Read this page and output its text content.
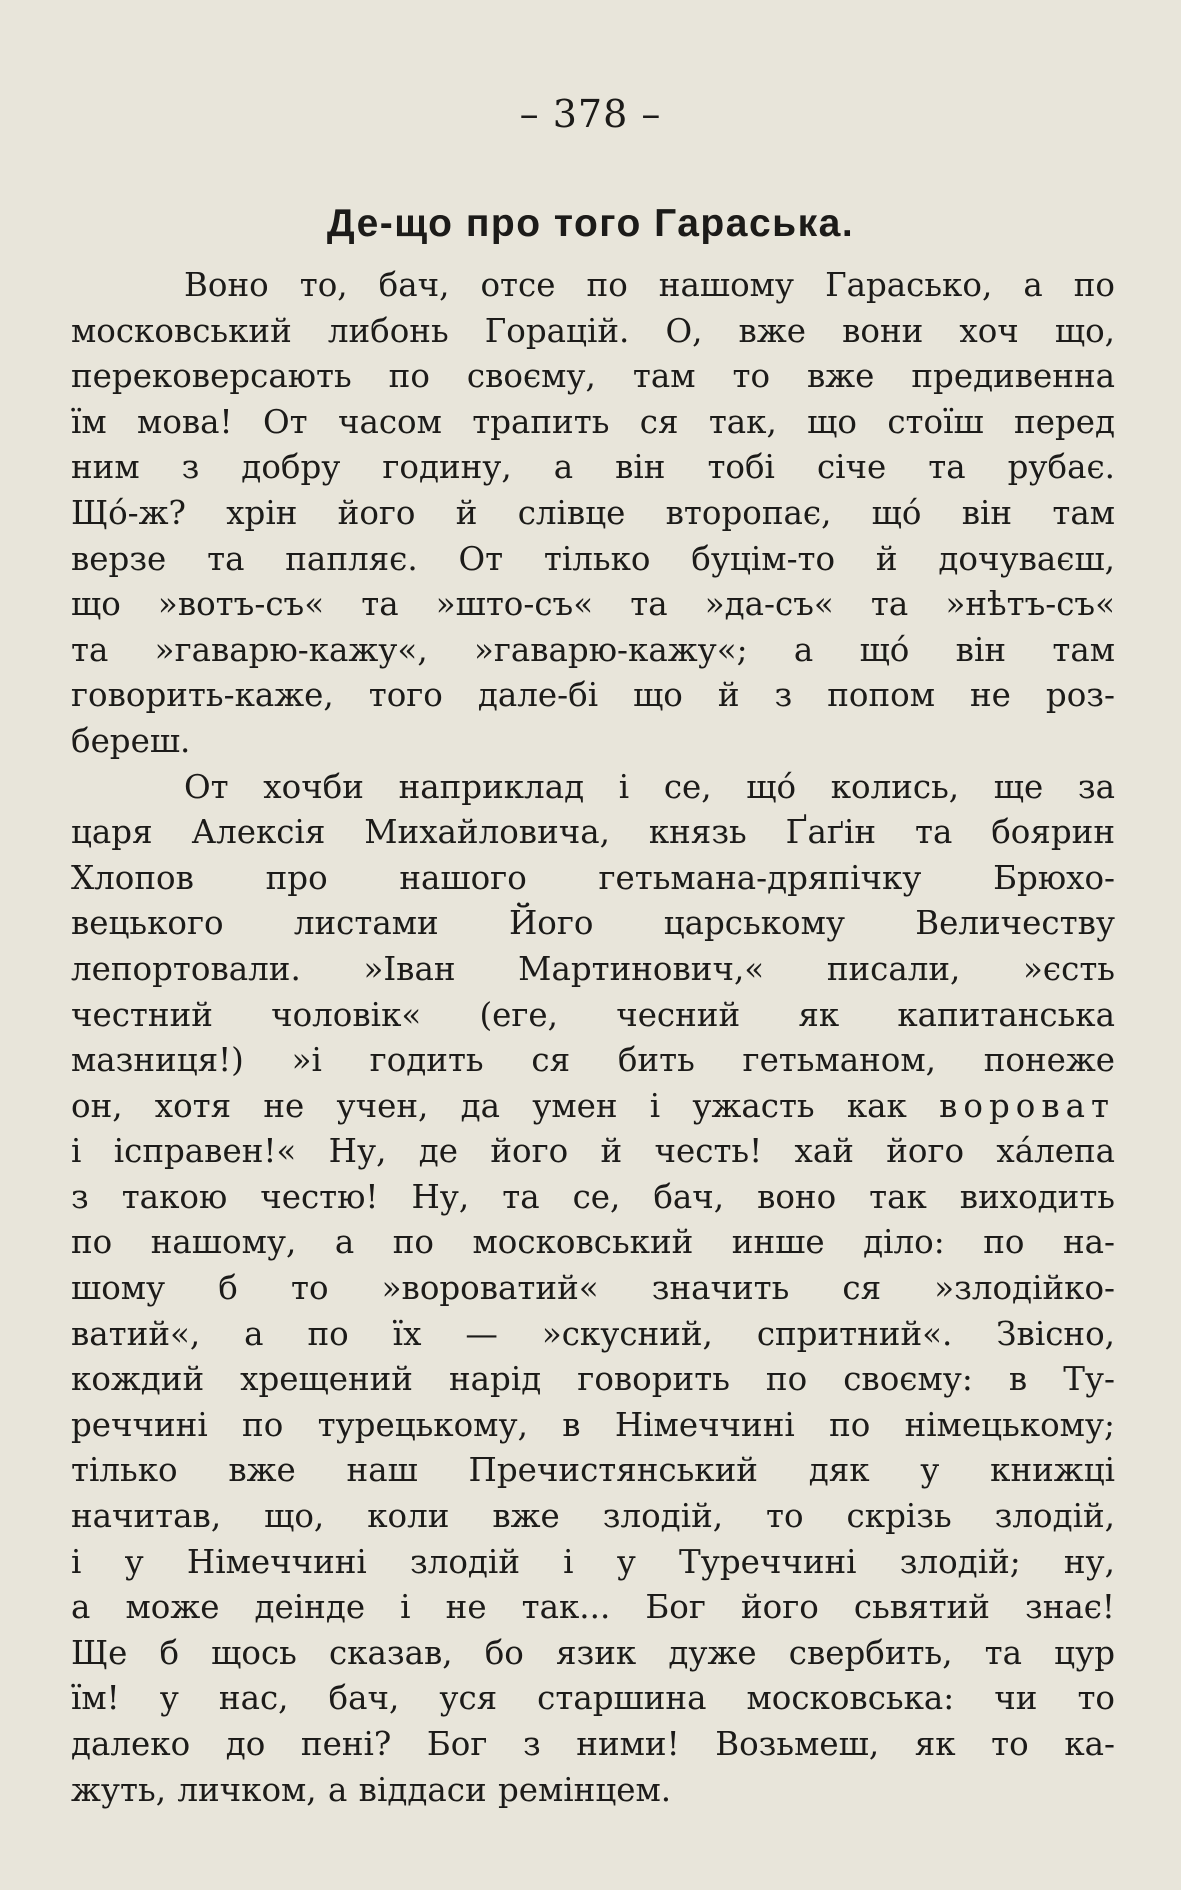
– 378 –
Де-що про того Гараська.
Воно то, бач, отсе по нашому Гарасько, а по
московський либонь Горацій. О, вже вони хоч що,
перековерсають по своєму, там то вже предивенна
їм мова! От часом трапить ся так, що стоїш перед
ним з добру годину, а він тобі січе та рубає.
Щó-ж? хрін його й слівце второпає, щó він там
верзе та папляє. От тілько буцім-то й дочуваєш,
що »вотъ-съ« та »што-съ« та »да-съ« та »нѣтъ-съ«
та »гаварю-кажу«, »гаварю-кажу«; а щó він там
говорить-каже, того дале-бі що й з попом не роз-
береш.
От хочби наприклад і се, щó колись, ще за
царя Алексія Михайловича, князь Ґаґін та боярин
Хлопов про нашого гетьмана-дряпічку Брюхо-
вецького листами Його царському Величеству
лепортовали. »Іван Мартинович,« писали, »єсть
честний чоловік« (еге, чесний як капитанська
мазниця!) »і годить ся бить гетьманом, понеже
он, хотя не учен, да умен і ужасть как вороват
і ісправен!« Ну, де його й честь! хай його хáлепа
з такою честю! Ну, та се, бач, воно так виходить
по нашому, а по московський инше діло: по на-
шому б то »вороватий« значить ся »злодійко-
ватий«, а по їх — »скусний, спритний«. Звісно,
кождий хрещений нарід говорить по своєму: в Ту-
реччині по турецькому, в Німеччині по німецькому;
тілько вже наш Пречистянський дяк у книжці
начитав, що, коли вже злодій, то скрізь злодій,
і у Німеччині злодій і у Туреччині злодій; ну,
а може деінде і не так... Бог його сьвятий знає!
Ще б щось сказав, бо язик дуже свербить, та цур
їм! у нас, бач, уся старшина московська: чи то
далеко до пені? Бог з ними! Возьмеш, як то ка-
жуть, личком, а віддаси ремінцем.
